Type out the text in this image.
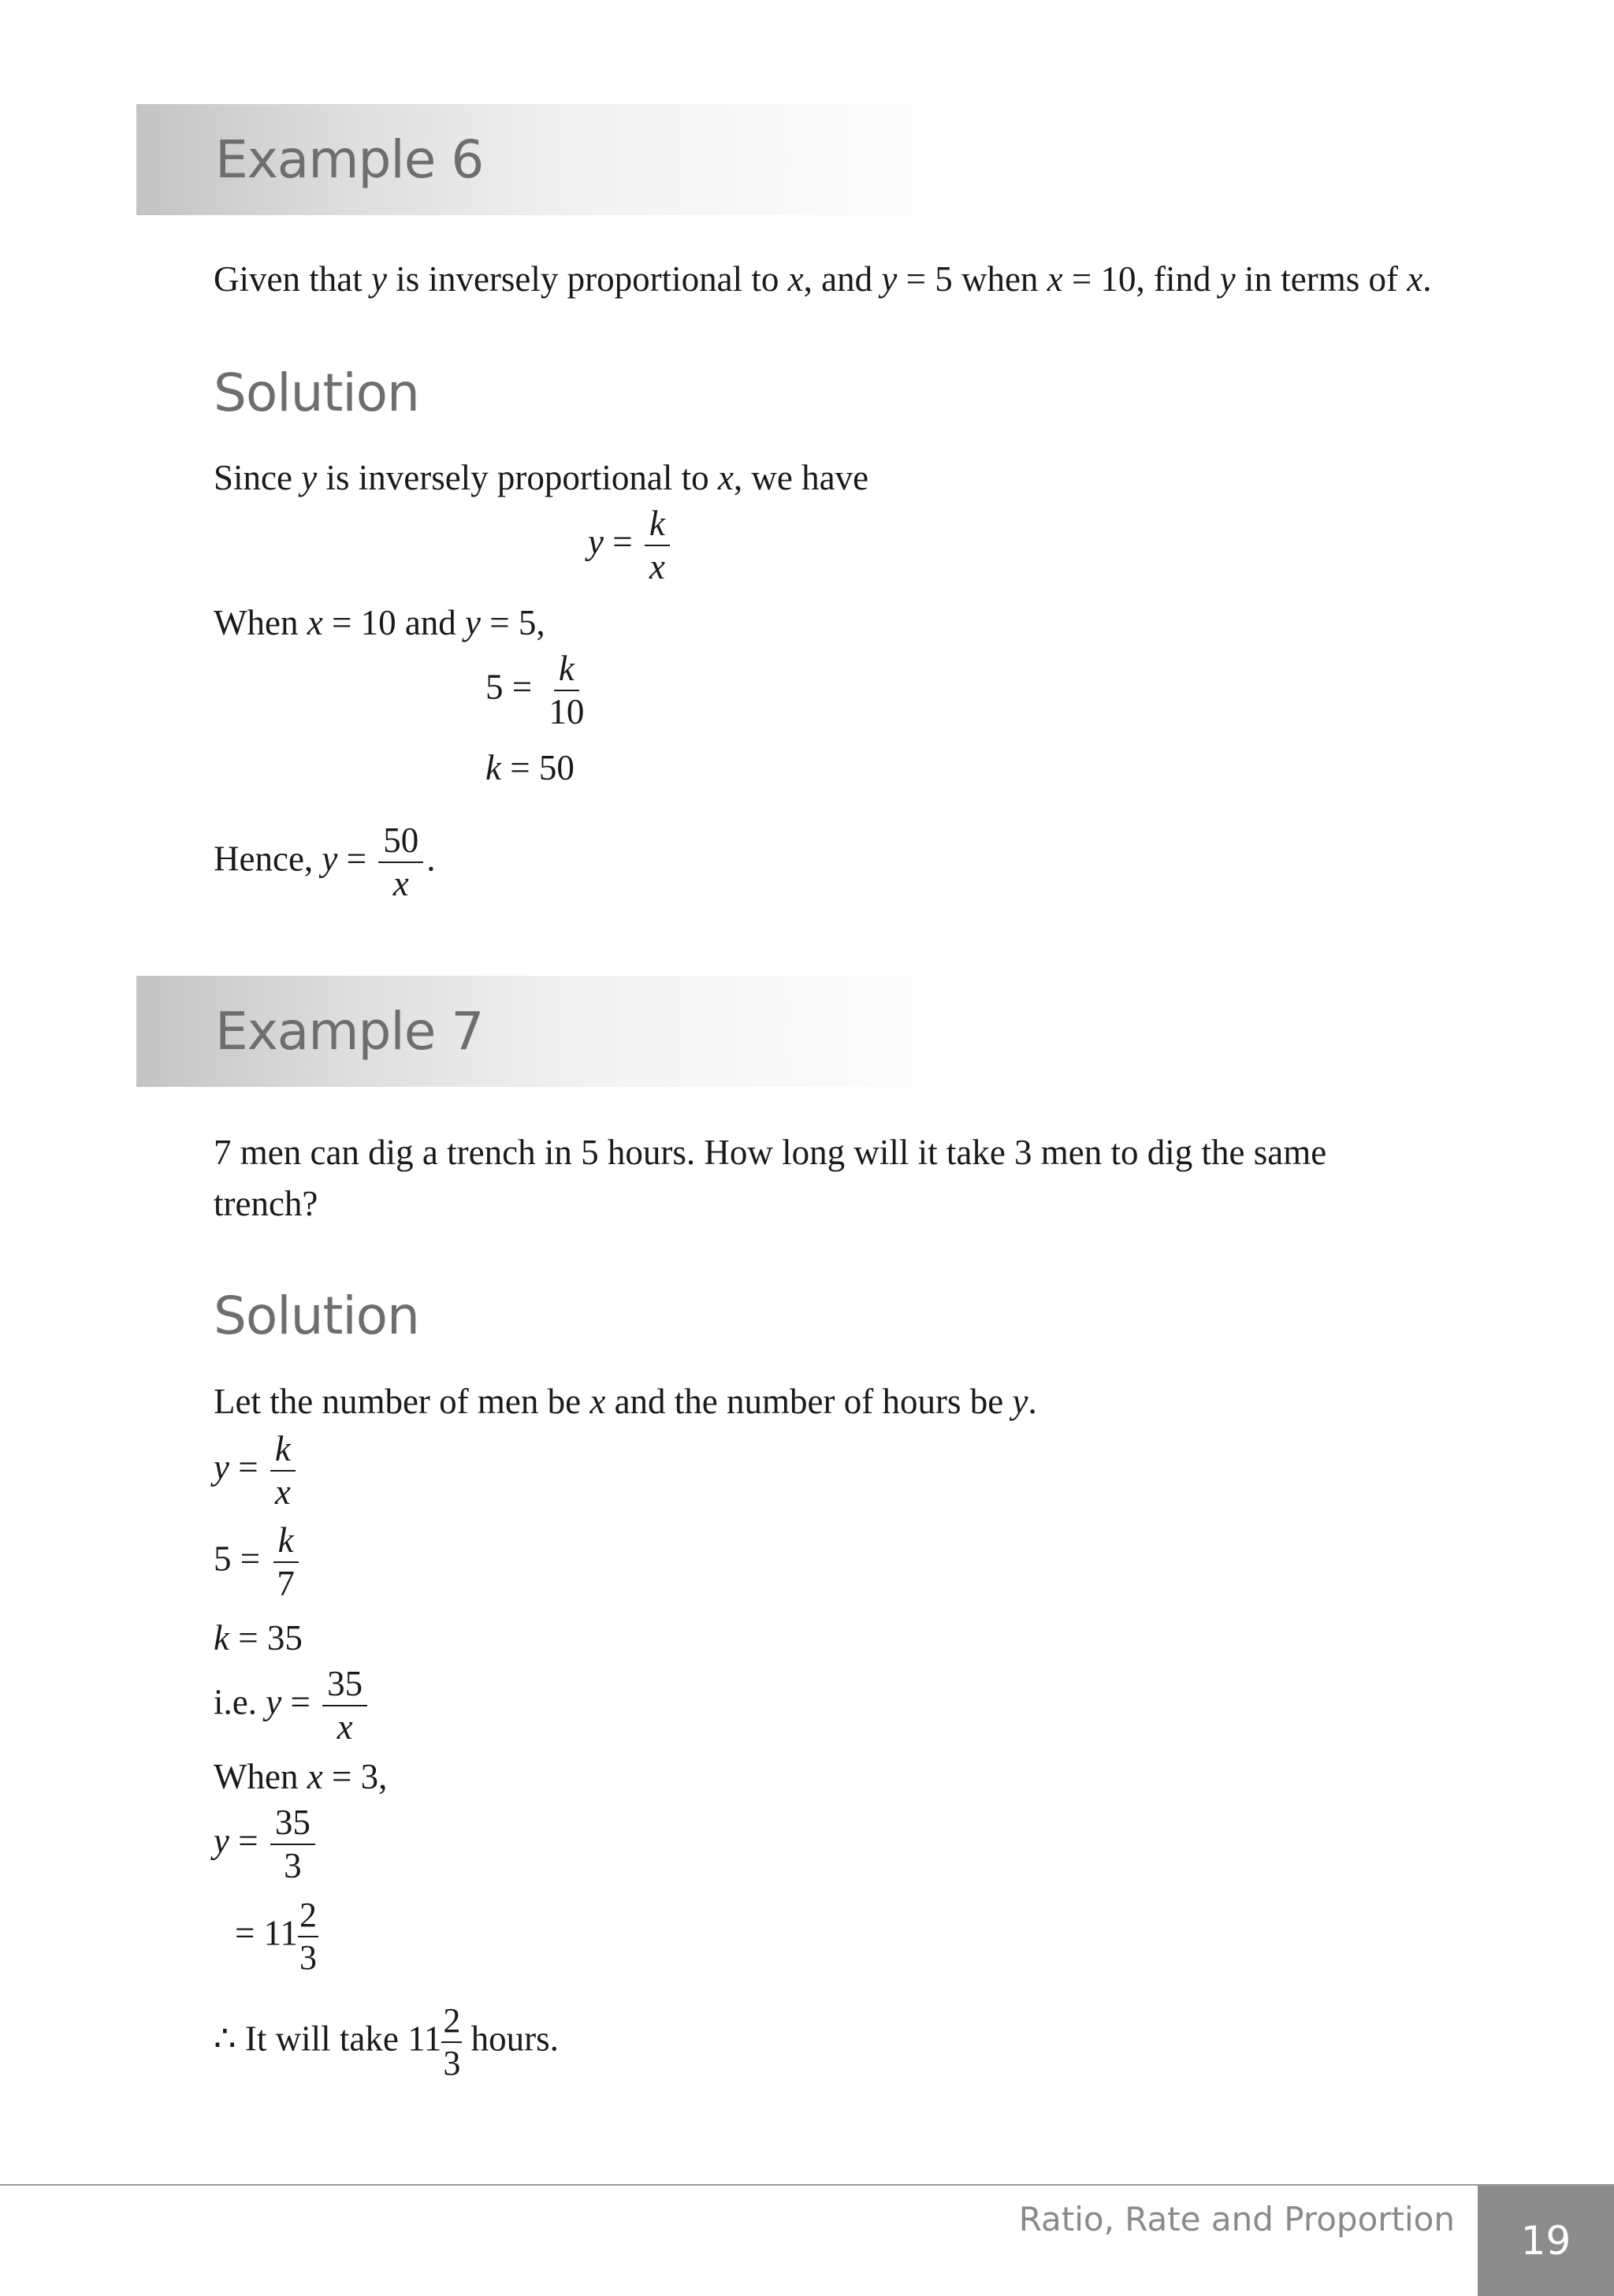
Example 6
Given that y is inversely proportional to x, and y = 5 when x = 10, find y in terms of x.
Solution
Since y is inversely proportional to x, we have
$y = \frac{k}{x}$
When x = 10 and y = 5,
$5 = \frac{k}{10}$
k = 50
Hence, $y = \frac{50}{x}$ .
Example 7
7 men can dig a trench in 5 hours. How long will it take 3 men to dig the same
trench?
Solution
Let the number of men be x and the number of hours be y.
$y = \frac{k}{x}$
$5 = \frac{k}{7}$
k = 35
i.e. $y = \frac{35}{x}$
When x = 3,
$y = \frac{35}{3}$
= $11 \frac{2}{3}$
∴ It will take $11 \frac{2}{3}$ hours.
Ratio, Rate and Proportion	19
